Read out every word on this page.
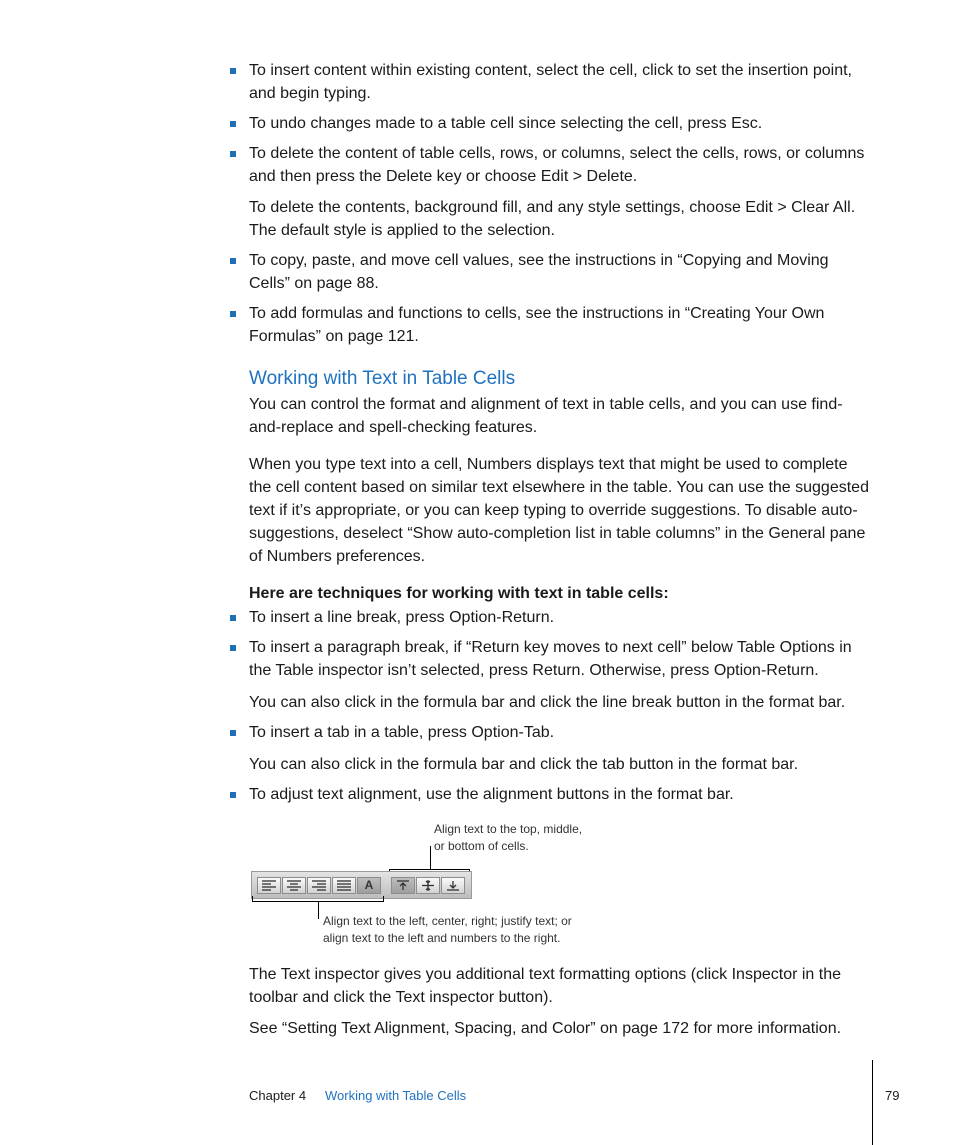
To insert content within existing content, select the cell, click to set the insertion point, and begin typing.
To undo changes made to a table cell since selecting the cell, press Esc.
To delete the content of table cells, rows, or columns, select the cells, rows, or columns and then press the Delete key or choose Edit > Delete.
To delete the contents, background fill, and any style settings, choose Edit > Clear All. The default style is applied to the selection.
To copy, paste, and move cell values, see the instructions in “Copying and Moving Cells” on page 88.
To add formulas and functions to cells, see the instructions in “Creating Your Own Formulas” on page 121.
Working with Text in Table Cells
You can control the format and alignment of text in table cells, and you can use find-and-replace and spell-checking features.
When you type text into a cell, Numbers displays text that might be used to complete the cell content based on similar text elsewhere in the table. You can use the suggested text if it’s appropriate, or you can keep typing to override suggestions. To disable auto-suggestions, deselect “Show auto-completion list in table columns” in the General pane of Numbers preferences.
Here are techniques for working with text in table cells:
To insert a line break, press Option-Return.
To insert a paragraph break, if “Return key moves to next cell” below Table Options in the Table inspector isn’t selected, press Return. Otherwise, press Option-Return.
You can also click in the formula bar and click the line break button in the format bar.
To insert a tab in a table, press Option-Tab.
You can also click in the formula bar and click the tab button in the format bar.
To adjust text alignment, use the alignment buttons in the format bar.
Align text to the top, middle,
or bottom of cells.
A
Align text to the left, center, right; justify text; or
align text to the left and numbers to the right.
The Text inspector gives you additional text formatting options (click Inspector in the toolbar and click the Text inspector button).
See “Setting Text Alignment, Spacing, and Color” on page 172 for more information.
Chapter 4 Working with Table Cells	79
